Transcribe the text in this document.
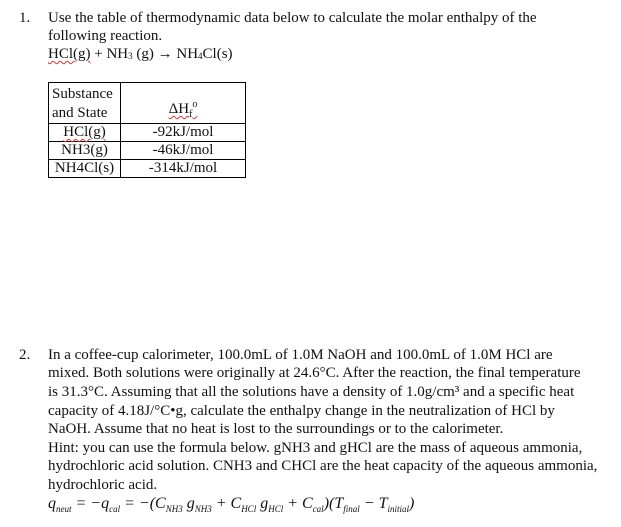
1. Use the table of thermodynamic data below to calculate the molar enthalpy of the
following reaction.
$HCl(g) + NH_3$ $(g) \to NH_4Cl(s)$
Substance
and State	$\Delta H_f^o$
HCl(g)	-92kJ/mol
NH3(g)	-46kJ/mol
NH4Cl(s)	-314kJ/mol
2. In a coffee-cup calorimeter, 100.0mL of 1.0M NaOH and 100.0mL of 1.0M HCl are
mixed. Both solutions were originally at 24.6°C. After the reaction, the final temperature
is 31.3°C. Assuming that all the solutions have a density of 1.0g/cm³ and a specific heat
capacity of 4.18J/°C•g, calculate the enthalpy change in the neutralization of HCl by
NaOH. Assume that no heat is lost to the surroundings or to the calorimeter.
Hint: you can use the formula below. gNH3 and gHCl are the mass of aqueous ammonia,
hydrochloric acid solution. CNH3 and CHCl are the heat capacity of the aqueous ammonia,
hydrochloric acid.
$q_{neut} = -q_{cal} = -(C_{NH3}$ $g_{NH3} + C_{HCl}$ $g_{HCl} + C_{cal})(T_{final} - T_{initial})$
